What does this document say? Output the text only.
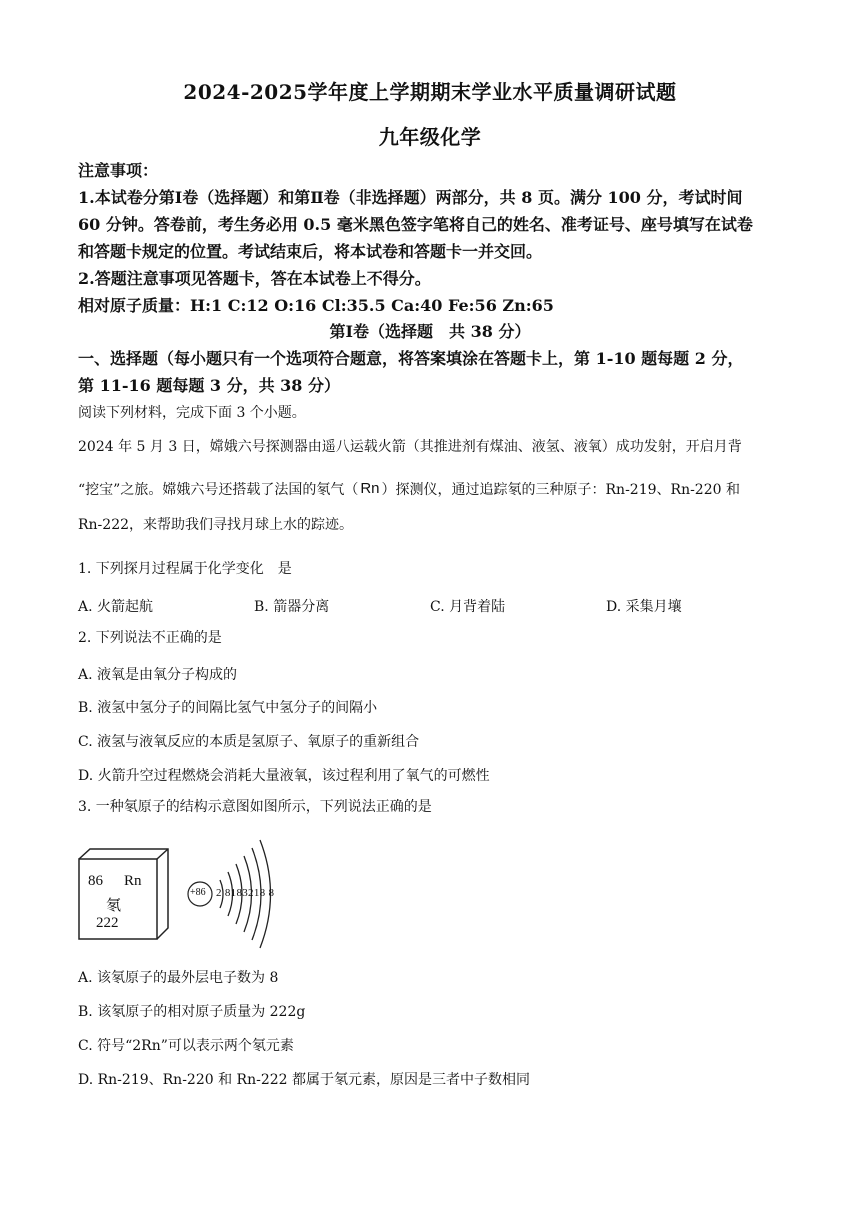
2024-2025学年度上学期期末学业水平质量调研试题
九年级化学
注意事项：
1.本试卷分第Ⅰ卷（选择题）和第Ⅱ卷（非选择题）两部分，共 8 页。满分 100 分，考试时间
60 分钟。答卷前，考生务必用 0.5 毫米黑色签字笔将自己的姓名、准考证号、座号填写在试卷
和答题卡规定的位置。考试结束后，将本试卷和答题卡一并交回。
2.答题注意事项见答题卡，答在本试卷上不得分。
相对原子质量：H:1 C:12 O:16 Cl:35.5 Ca:40 Fe:56 Zn:65
第Ⅰ卷（选择题　共 38 分）
一、选择题（每小题只有一个选项符合题意，将答案填涂在答题卡上，第 1-10 题每题 2 分，
第 11-16 题每题 3 分，共 38 分）
阅读下列材料，完成下面 3 个小题。
2024 年 5 月 3 日，嫦娥六号探测器由遥八运载火箭（其推进剂有煤油、液氢、液氧）成功发射，开启月背
“挖宝”之旅。嫦娥六号还搭载了法国的氡气（ Rn ）探测仪，通过追踪氡的三种原子：Rn-219、Rn-220 和
Rn-222，来帮助我们寻找月球上水的踪迹。
1. 下列探月过程属于化学变化　是
A. 火箭起航	B. 箭器分离	C. 月背着陆	D. 采集月壤
2. 下列说法不正确的是
A. 液氧是由氧分子构成的
B. 液氢中氢分子的间隔比氢气中氢分子的间隔小
C. 液氢与液氧反应的本质是氢原子、氧原子的重新组合
D. 火箭升空过程燃烧会消耗大量液氧，该过程利用了氧气的可燃性
3. 一种氡原子的结构示意图如图所示，下列说法正确的是
86 Rn
氡
222
+86 2 8183218 8
A. 该氡原子的最外层电子数为 8
B. 该氡原子的相对原子质量为 222g
C. 符号“2Rn”可以表示两个氡元素
D. Rn-219、Rn-220 和 Rn-222 都属于氡元素，原因是三者中子数相同
